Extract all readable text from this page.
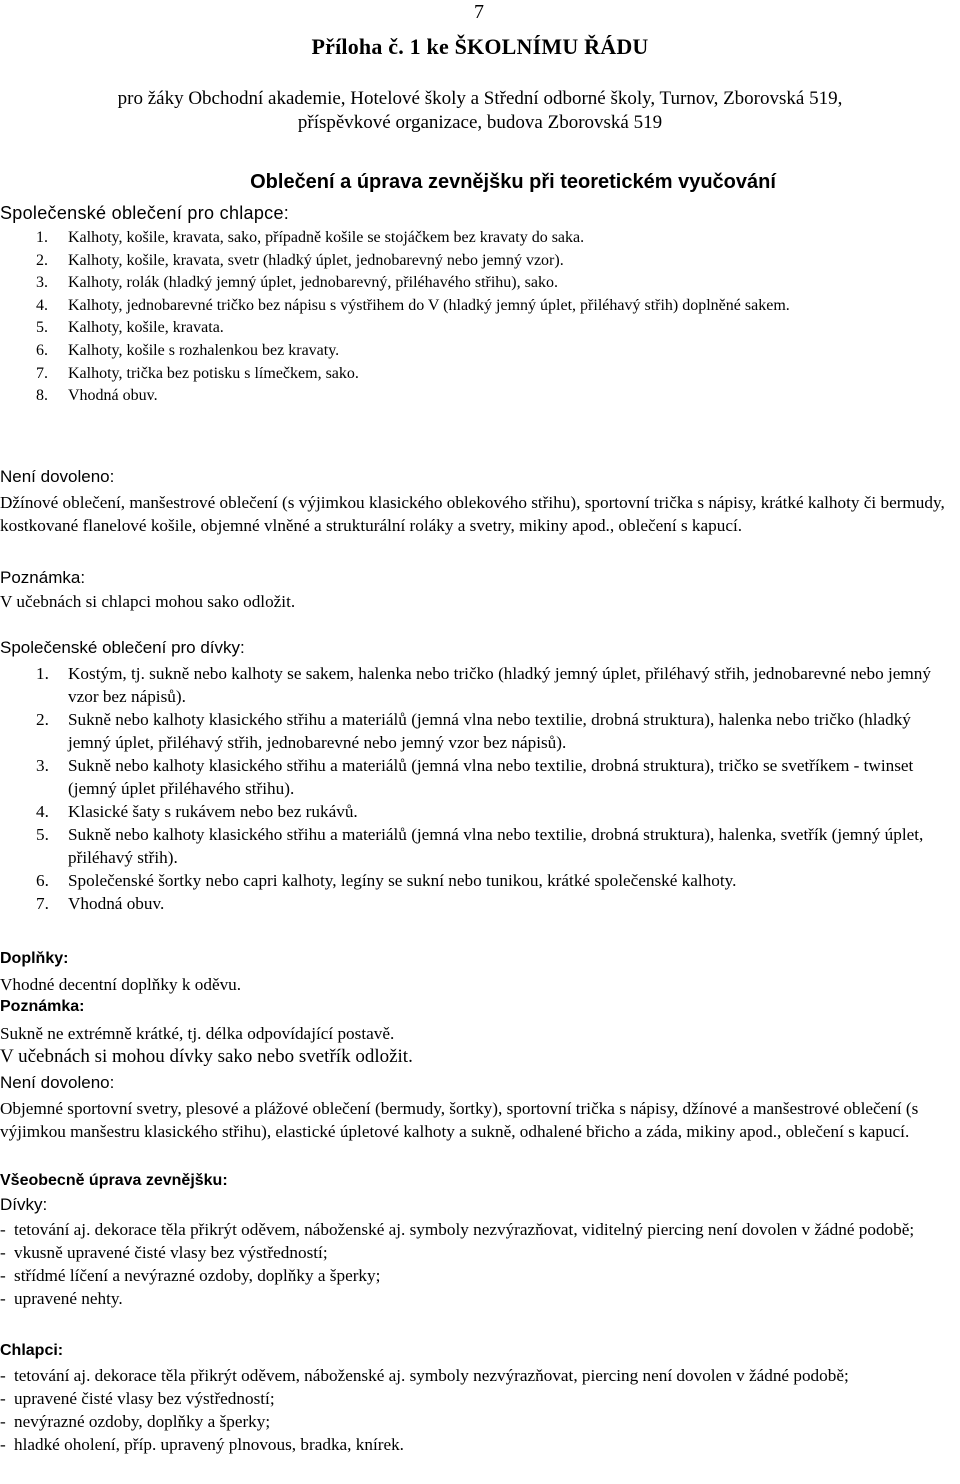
7
Příloha č. 1 ke ŠKOLNÍMU ŘÁDU
pro žáky Obchodní akademie, Hotelové školy a Střední odborné školy, Turnov, Zborovská 519,
příspěvkové organizace, budova Zborovská 519
Oblečení a úprava zevnějšku při teoretickém vyučování
Společenské oblečení pro chlapce:
1. Kalhoty, košile, kravata, sako, případně košile se stojáčkem bez kravaty do saka.
2. Kalhoty, košile, kravata, svetr (hladký úplet, jednobarevný nebo jemný vzor).
3. Kalhoty, rolák (hladký jemný úplet, jednobarevný, přiléhavého střihu), sako.
4. Kalhoty, jednobarevné tričko bez nápisu s výstřihem do V (hladký jemný úplet, přiléhavý střih) doplněné sakem.
5. Kalhoty, košile, kravata.
6. Kalhoty, košile s rozhalenkou bez kravaty.
7. Kalhoty, trička bez potisku s límečkem, sako.
8. Vhodná obuv.
Není dovoleno:

Džínové oblečení, manšestrové oblečení (s výjimkou klasického oblekového střihu), sportovní trička s nápisy, krátké kalhoty či bermudy, kostkované flanelové košile, objemné vlněné a strukturální roláky a svetry, mikiny apod., oblečení s kapucí.

Poznámka:
V učebnách si chlapci mohou sako odložit.
Společenské oblečení pro dívky:
1. Kostým, tj. sukně nebo kalhoty se sakem, halenka nebo tričko (hladký jemný úplet, přiléhavý střih, jednobarevné nebo jemný vzor bez nápisů).
2. Sukně nebo kalhoty klasického střihu a materiálů (jemná vlna nebo textilie, drobná struktura), halenka nebo tričko (hladký jemný úplet, přiléhavý střih, jednobarevné nebo jemný vzor bez nápisů).
3. Sukně nebo kalhoty klasického střihu a materiálů (jemná vlna nebo textilie, drobná struktura), tričko se svetříkem - twinset (jemný úplet přiléhavého střihu).
4. Klasické šaty s rukávem nebo bez rukávů.
5. Sukně nebo kalhoty klasického střihu a materiálů (jemná vlna nebo textilie, drobná struktura), halenka, svetřík (jemný úplet, přiléhavý střih).
6. Společenské šortky nebo capri kalhoty, legíny se sukní nebo tunikou, krátké společenské kalhoty.
7. Vhodná obuv.
Doplňky:
Vhodné decentní doplňky k oděvu.
Poznámka:
Sukně ne extrémně krátké, tj. délka odpovídající postavě.
V učebnách si mohou dívky sako nebo svetřík odložit.
Není dovoleno:

Objemné sportovní svetry, plesové a plážové oblečení (bermudy, šortky), sportovní trička s nápisy, džínové a manšestrové oblečení (s výjimkou manšestru klasického střihu), elastické úpletové kalhoty a sukně, odhalené břicho a záda, mikiny apod., oblečení s kapucí.

Všeobecně úprava zevnějšku:
Dívky:
- tetování aj. dekorace těla přikrýt oděvem, náboženské aj. symboly nezvýrazňovat, viditelný piercing není dovolen v žádné podobě;
- vkusně upravené čisté vlasy bez výstředností;
- střídmé líčení a nevýrazné ozdoby, doplňky a šperky;
- upravené nehty.
Chlapci:
- tetování aj. dekorace těla přikrýt oděvem, náboženské aj. symboly nezvýrazňovat, piercing není dovolen v žádné podobě;
- upravené čisté vlasy bez výstředností;
- nevýrazné ozdoby, doplňky a šperky;
- hladké oholení, příp. upravený plnovous, bradka, knírek.
